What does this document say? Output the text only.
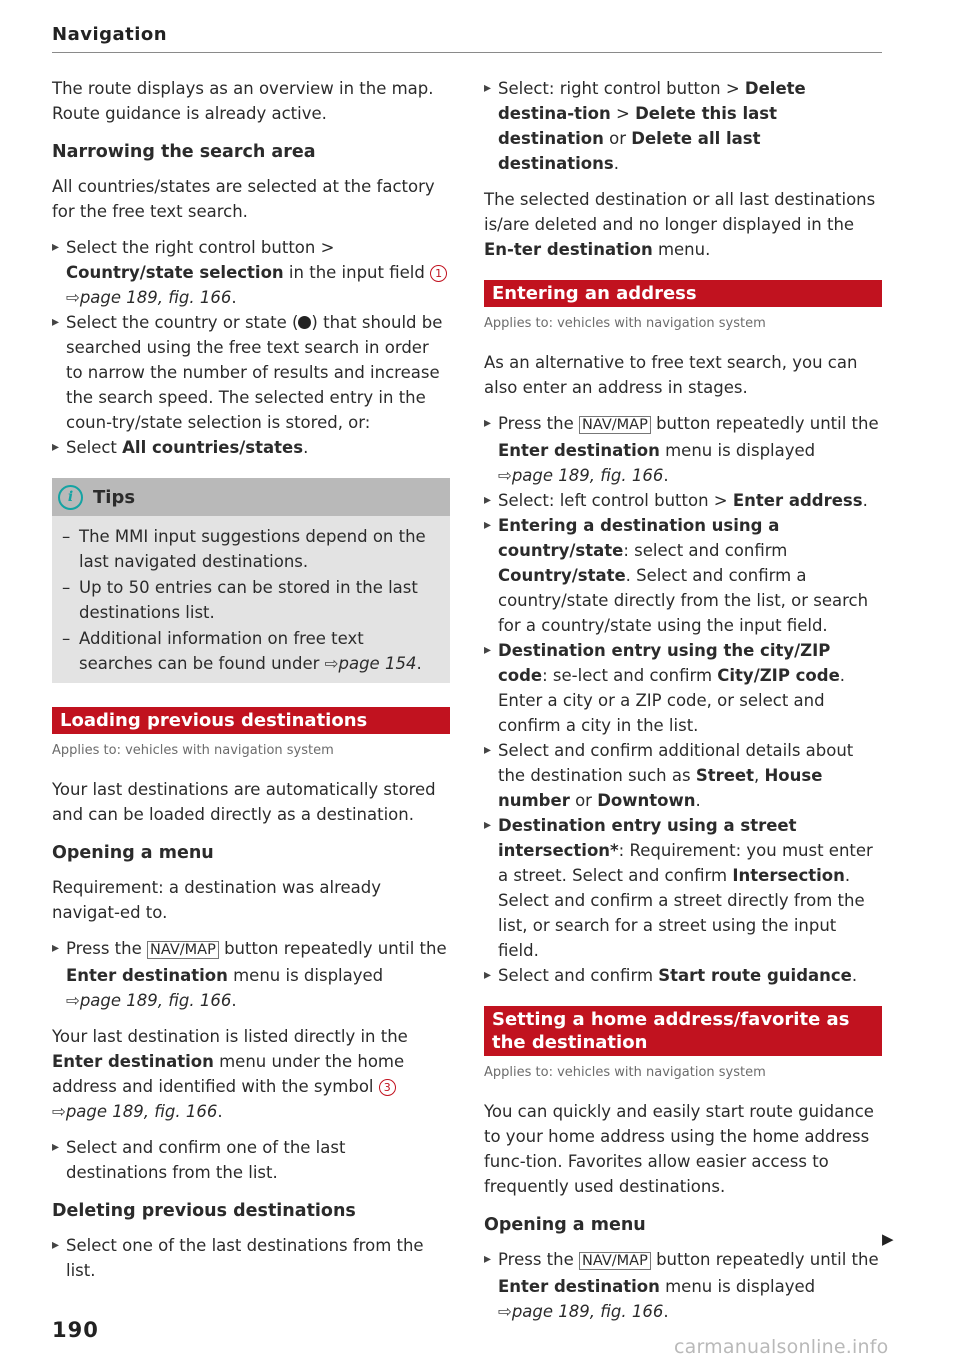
Navigation

The route displays as an overview in the map.
Route guidance is already active.

Narrowing the search area

All countries/states are selected at the factory for the free text search.

▸ Select the right control button > Country/state selection in the input field 1 ⇨page 189, fig. 166.

▸ Select the country or state ( ) that should be searched using the free text search in order to narrow the number of results and increase the search speed. The selected entry in the coun-try/state selection is stored, or:

▸ Select All countries/states.

i	Tips

– The MMI input suggestions depend on the last navigated destinations.

– Up to 50 entries can be stored in the last destinations list.

– Additional information on free text searches can be found under ⇨page 154.

Loading previous destinations
Applies to: vehicles with navigation system

Your last destinations are automatically stored and can be loaded directly as a destination.

Opening a menu

Requirement: a destination was already navigat-ed to.

▸ Press the NAV/MAP button repeatedly until the Enter destination menu is displayed
⇨page 189, fig. 166.

Your last destination is listed directly in the Enter destination menu under the home address and identified with the symbol 3 ⇨page 189, fig. 166.

▸ Select and confirm one of the last destinations from the list.

Deleting previous destinations

▸ Select one of the last destinations from the list.

▸ Select: right control button > Delete destina-tion > Delete this last destination or Delete all last destinations.

The selected destination or all last destinations is/are deleted and no longer displayed in the En-ter destination menu.

Entering an address
Applies to: vehicles with navigation system

As an alternative to free text search, you can also enter an address in stages.

▸ Press the NAV/MAP button repeatedly until the Enter destination menu is displayed
⇨page 189, fig. 166.

▸ Select: left control button > Enter address.

▸ Entering a destination using a country/state: select and confirm Country/state. Select and confirm a country/state directly from the list, or search for a country/state using the input field.

▸ Destination entry using the city/ZIP code: se-lect and confirm City/ZIP code. Enter a city or a ZIP code, or select and confirm a city in the list.

▸ Select and confirm additional details about the destination such as Street, House number or Downtown.

▸ Destination entry using a street intersection*: Requirement: you must enter a street. Select and confirm Intersection. Select and confirm a street directly from the list, or search for a street using the input field.

▸ Select and confirm Start route guidance.

Setting a home address/favorite as the destination
Applies to: vehicles with navigation system

You can quickly and easily start route guidance to your home address using the home address func-tion. Favorites allow easier access to frequently used destinations.

Opening a menu

▸ Press the NAV/MAP button repeatedly until the Enter destination menu is displayed
⇨page 189, fig. 166.

▶
190
carmanualsonline.info
